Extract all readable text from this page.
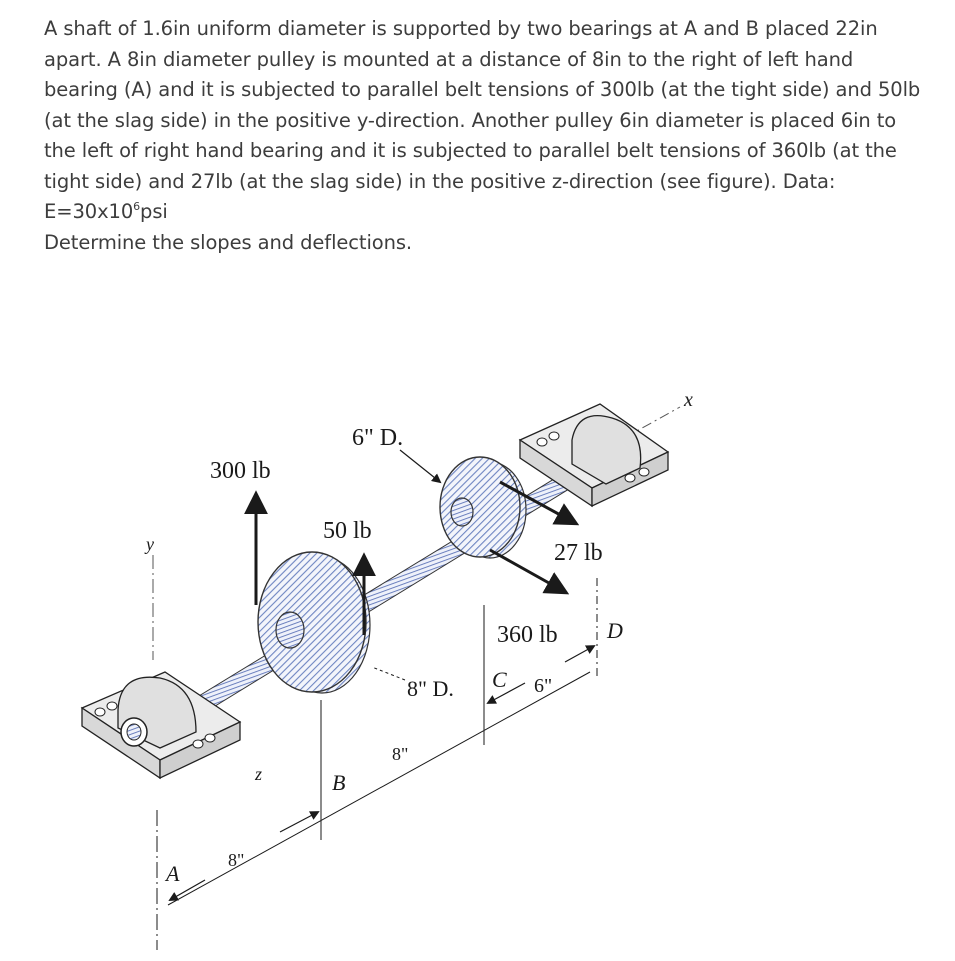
A shaft of 1.6in uniform diameter is supported by two bearings at A and B placed 22in apart. A 8in diameter pulley is mounted at a distance of 8in to the right of left hand bearing (A) and it is subjected to parallel belt tensions of 300lb (at the tight side) and 50lb (at the slag side) in the positive y-direction. Another pulley 6in diameter is placed 6in to the left of right hand bearing and it is subjected to parallel belt tensions of 360lb (at the tight side) and 27lb (at the slag side) in the positive z-direction (see figure). Data:

$E=30x10^6psi$

Determine the slopes and deflections.

x
y
300 lb
50 lb
6" D.
27 lb
360 lb
8" D.
A
B
C
D
z
8"
8"
6"
